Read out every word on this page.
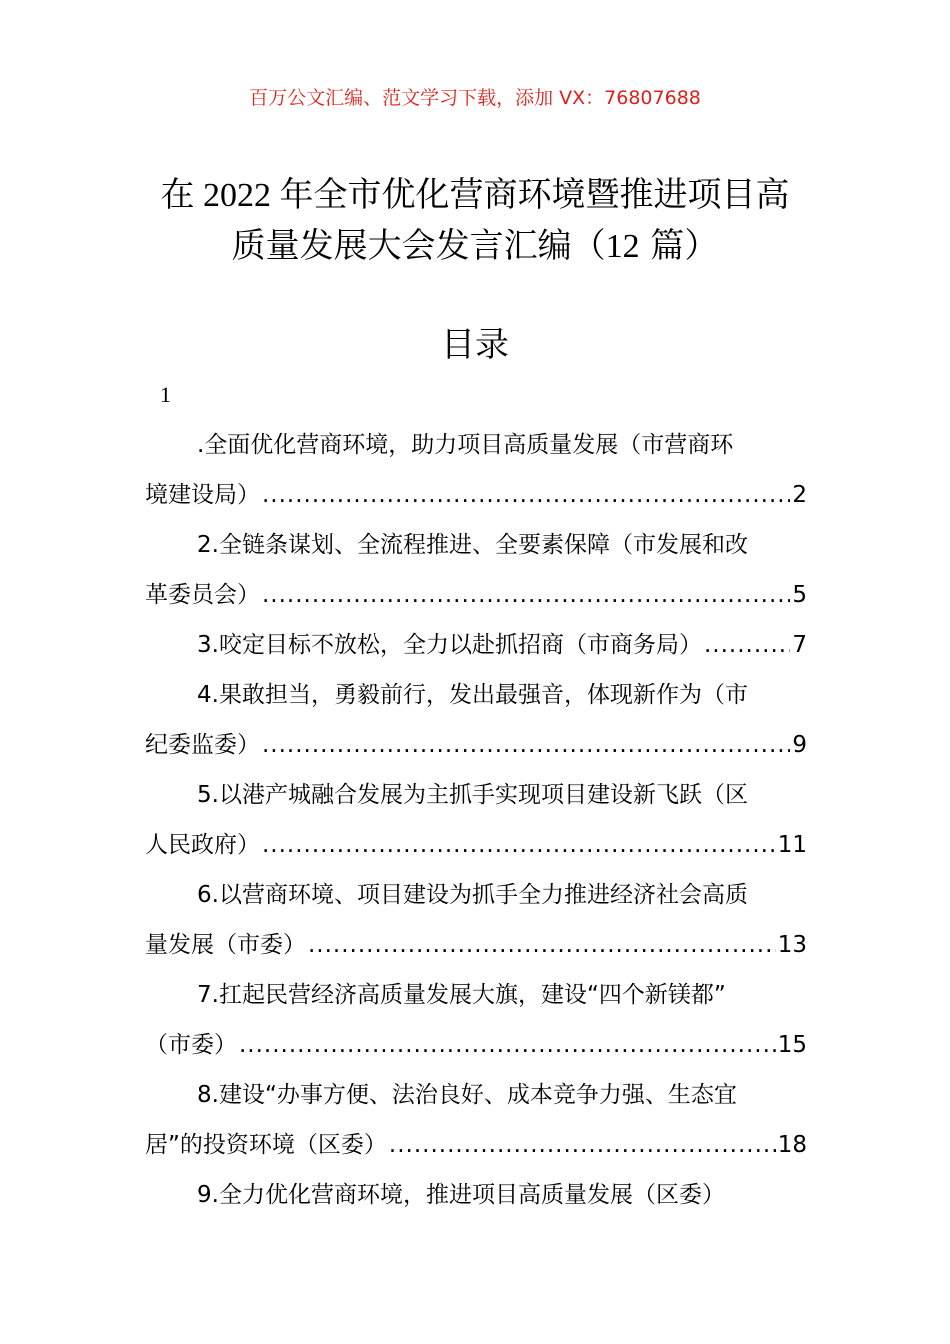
百万公文汇编、范文学习下载，添加 VX：76807688
在 2022 年全市优化营商环境暨推进项目高
质量发展大会发言汇编（12 篇）
目录
1
.全面优化营商环境，助力项目高质量发展（市营商环
境建设局） .....	2
2.全链条谋划、全流程推进、全要素保障（市发展和改
革委员会） .....	5
3.咬定目标不放松，全力以赴抓招商（市商务局） .....	7
4.果敢担当，勇毅前行，发出最强音，体现新作为（市
纪委监委） .....	9
5.以港产城融合发展为主抓手实现项目建设新飞跃（区
人民政府） .....	11
6.以营商环境、项目建设为抓手全力推进经济社会高质
量发展（市委） .....	13
7.扛起民营经济高质量发展大旗，建设“四个新镁都”
（市委） .....	15
8.建设“办事方便、法治良好、成本竞争力强、生态宜
居”的投资环境（区委） .....	18
9.全力优化营商环境，推进项目高质量发展（区委）
